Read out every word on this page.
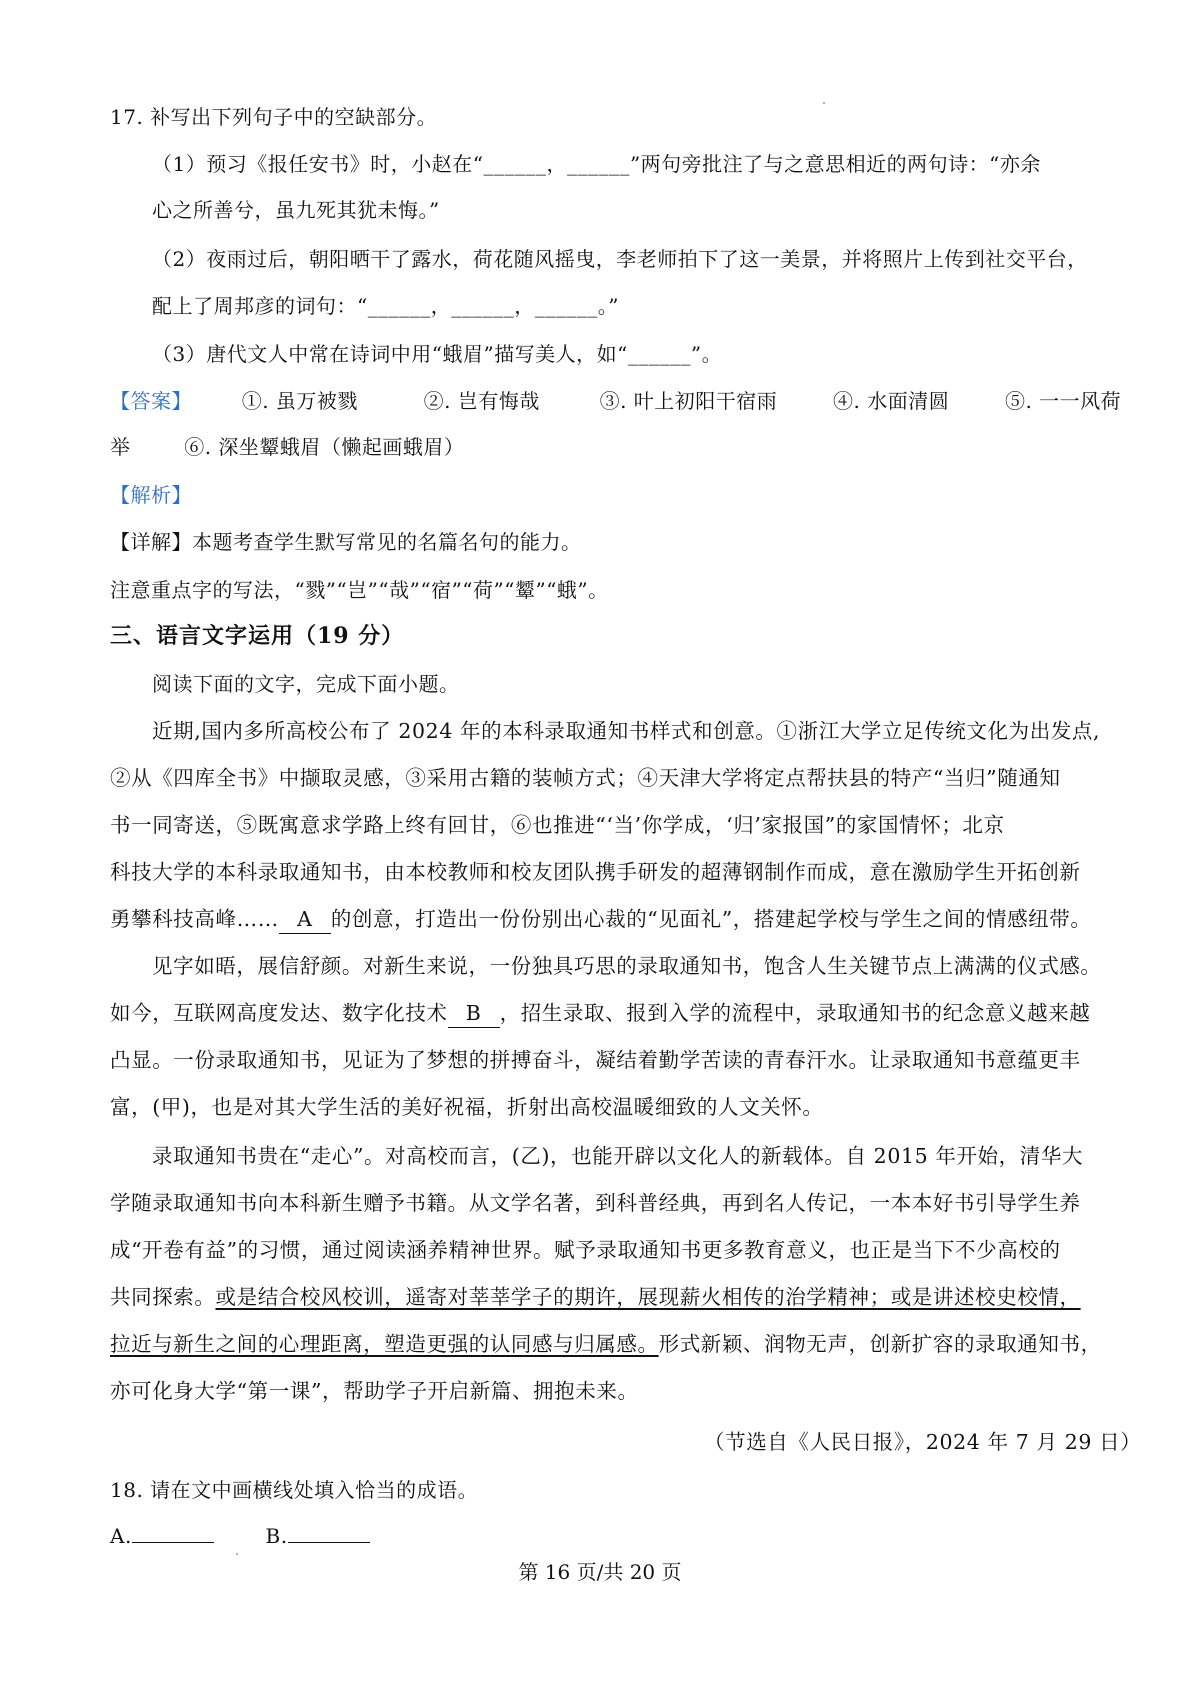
17. 补写出下列句子中的空缺部分。
（1）预习《报任安书》时，小赵在“______，______”两句旁批注了与之意思相近的两句诗：“亦余
心之所善兮，虽九死其犹未悔。”
（2）夜雨过后，朝阳晒干了露水，荷花随风摇曳，李老师拍下了这一美景，并将照片上传到社交平台，
配上了周邦彦的词句：“______，______，______。”
（3）唐代文人中常在诗词中用“蛾眉”描写美人，如“______”。
【答案】 ①. 虽万被戮	②. 岂有悔哉	③. 叶上初阳干宿雨	④. 水面清圆	⑤. 一一风荷
举	⑥. 深坐颦蛾眉（懒起画蛾眉）
【解析】
【详解】本题考查学生默写常见的名篇名句的能力。
注意重点字的写法，“戮”“岂”“哉”“宿”“荷”“颦”“蛾”。
三、语言文字运用（19 分）
阅读下面的文字，完成下面小题。
近期,国内多所高校公布了 2024 年的本科录取通知书样式和创意。①浙江大学立足传统文化为出发点,
②从《四库全书》中撷取灵感，③采用古籍的装帧方式；④天津大学将定点帮扶县的特产“当归”随通知
书一同寄送，⑤既寓意求学路上终有回甘，⑥也推进“‘当’你学成，‘归’家报国”的家国情怀；北京
科技大学的本科录取通知书，由本校教师和校友团队携手研发的超薄钢制作而成，意在激励学生开拓创新
勇攀科技高峰…… A 的创意，打造出一份份别出心裁的“见面礼”，搭建起学校与学生之间的情感纽带。
见字如晤，展信舒颜。对新生来说，一份独具巧思的录取通知书，饱含人生关键节点上满满的仪式感。
如今，互联网高度发达、数字化技术 B ，招生录取、报到入学的流程中，录取通知书的纪念意义越来越
凸显。一份录取通知书，见证为了梦想的拼搏奋斗，凝结着勤学苦读的青春汗水。让录取通知书意蕴更丰
富，(甲)，也是对其大学生活的美好祝福，折射出高校温暖细致的人文关怀。
录取通知书贵在“走心”。对高校而言，(乙)，也能开辟以文化人的新载体。自 2015 年开始，清华大
学随录取通知书向本科新生赠予书籍。从文学名著，到科普经典，再到名人传记，一本本好书引导学生养
成“开卷有益”的习惯，通过阅读涵养精神世界。赋予录取通知书更多教育意义，也正是当下不少高校的
共同探索。或是结合校风校训，遥寄对莘莘学子的期许，展现薪火相传的治学精神；或是讲述校史校情，
拉近与新生之间的心理距离，塑造更强的认同感与归属感。形式新颖、润物无声，创新扩容的录取通知书，
亦可化身大学“第一课”，帮助学子开启新篇、拥抱未来。
（节选自《人民日报》，2024 年 7 月 29 日）
18. 请在文中画横线处填入恰当的成语。
A.	B.
第 16 页/共 20 页
